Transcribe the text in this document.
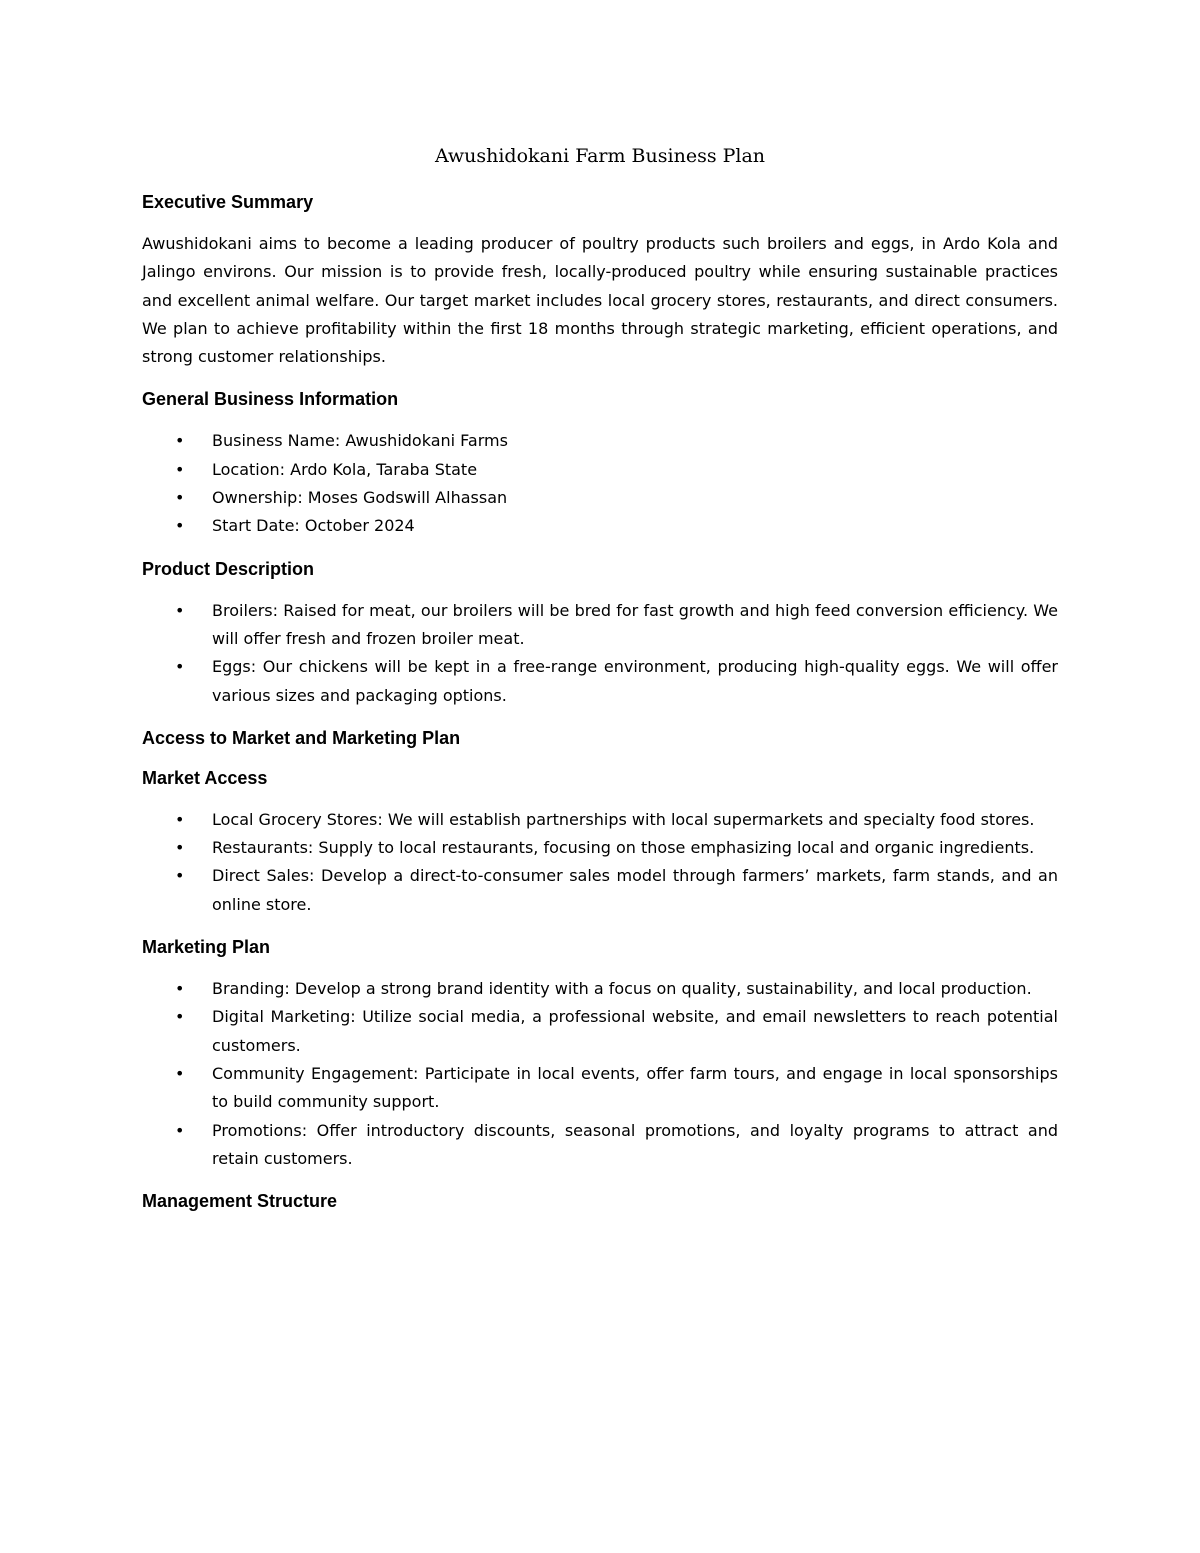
Awushidokani Farm Business Plan
Executive Summary

Awushidokani aims to become a leading producer of poultry products such broilers and eggs, in Ardo Kola and Jalingo environs. Our mission is to provide fresh, locally-produced poultry while ensuring sustainable practices and excellent animal welfare. Our target market includes local grocery stores, restaurants, and direct consumers. We plan to achieve profitability within the first 18 months through strategic marketing, efficient operations, and strong customer relationships.

General Business Information
• Business Name: Awushidokani Farms
• Location: Ardo Kola, Taraba State
• Ownership: Moses Godswill Alhassan
• Start Date: October 2024
Product Description
• Broilers: Raised for meat, our broilers will be bred for fast growth and high feed conversion efficiency. We will offer fresh and frozen broiler meat.
• Eggs: Our chickens will be kept in a free-range environment, producing high-quality eggs. We will offer various sizes and packaging options.
Access to Market and Marketing Plan
Market Access
• Local Grocery Stores: We will establish partnerships with local supermarkets and specialty food stores.
• Restaurants: Supply to local restaurants, focusing on those emphasizing local and organic ingredients.
• Direct Sales: Develop a direct-to-consumer sales model through farmers’ markets, farm stands, and an online store.
Marketing Plan
• Branding: Develop a strong brand identity with a focus on quality, sustainability, and local production.
• Digital Marketing: Utilize social media, a professional website, and email newsletters to reach potential customers.
• Community Engagement: Participate in local events, offer farm tours, and engage in local sponsorships to build community support.
• Promotions: Offer introductory discounts, seasonal promotions, and loyalty programs to attract and retain customers.
Management Structure
